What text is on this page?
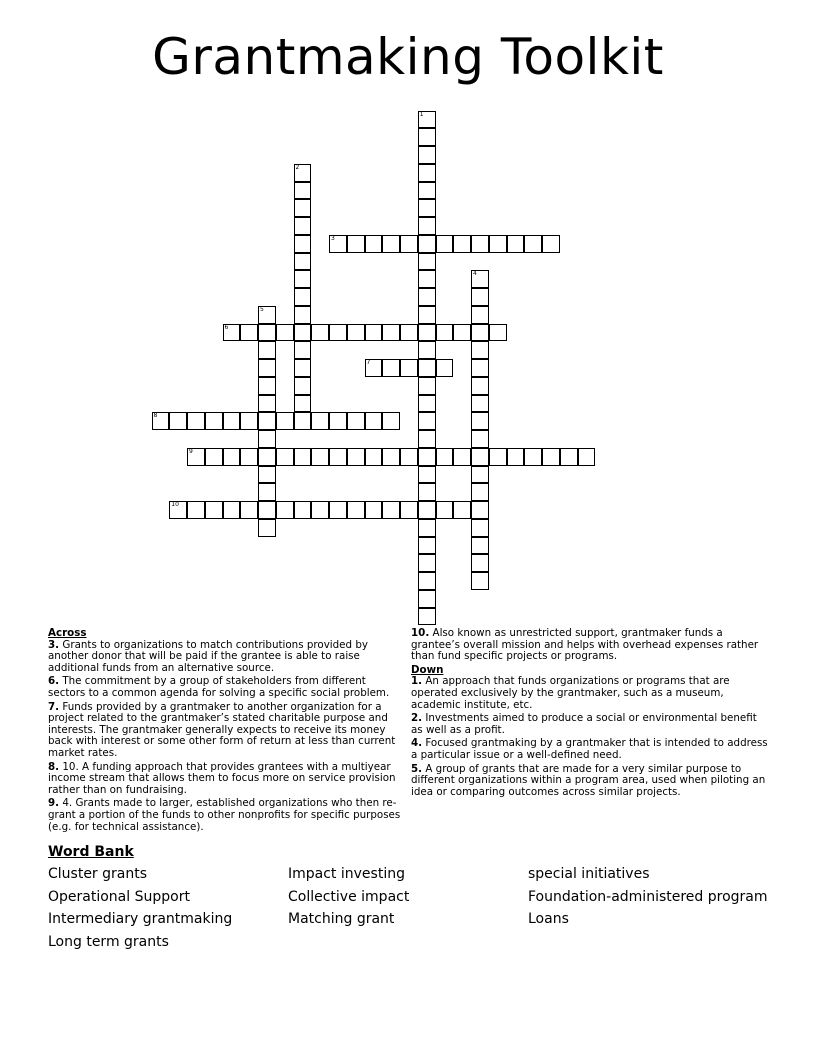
Grantmaking Toolkit
1
2
3
4
5
6
7
8
9
10
Across
3. Grants to organizations to match contributions provided by another donor that will be paid if the grantee is able to raise additional funds from an alternative source.
6. The commitment by a group of stakeholders from different sectors to a common agenda for solving a specific social problem.
7. Funds provided by a grantmaker to another organization for a project related to the grantmaker’s stated charitable purpose and interests. The grantmaker generally expects to receive its money back with interest or some other form of return at less than current market rates.
8. 10. A funding approach that provides grantees with a multiyear income stream that allows them to focus more on service provision rather than on fundraising.
9. 4. Grants made to larger, established organizations who then re-grant a portion of the funds to other nonprofits for specific purposes (e.g. for technical assistance).
10. Also known as unrestricted support, grantmaker funds a grantee’s overall mission and helps with overhead expenses rather than fund specific projects or programs.
Down
1. An approach that funds organizations or programs that are operated exclusively by the grantmaker, such as a museum, academic institute, etc.
2. Investments aimed to produce a social or environmental benefit as well as a profit.
4. Focused grantmaking by a grantmaker that is intended to address a particular issue or a well-defined need.
5. A group of grants that are made for a very similar purpose to different organizations within a program area, used when piloting an idea or comparing outcomes across similar projects.
Word Bank
Cluster grants
Operational Support
Intermediary grantmaking
Long term grants
Impact investing
Collective impact
Matching grant
special initiatives
Foundation-administered program
Loans
